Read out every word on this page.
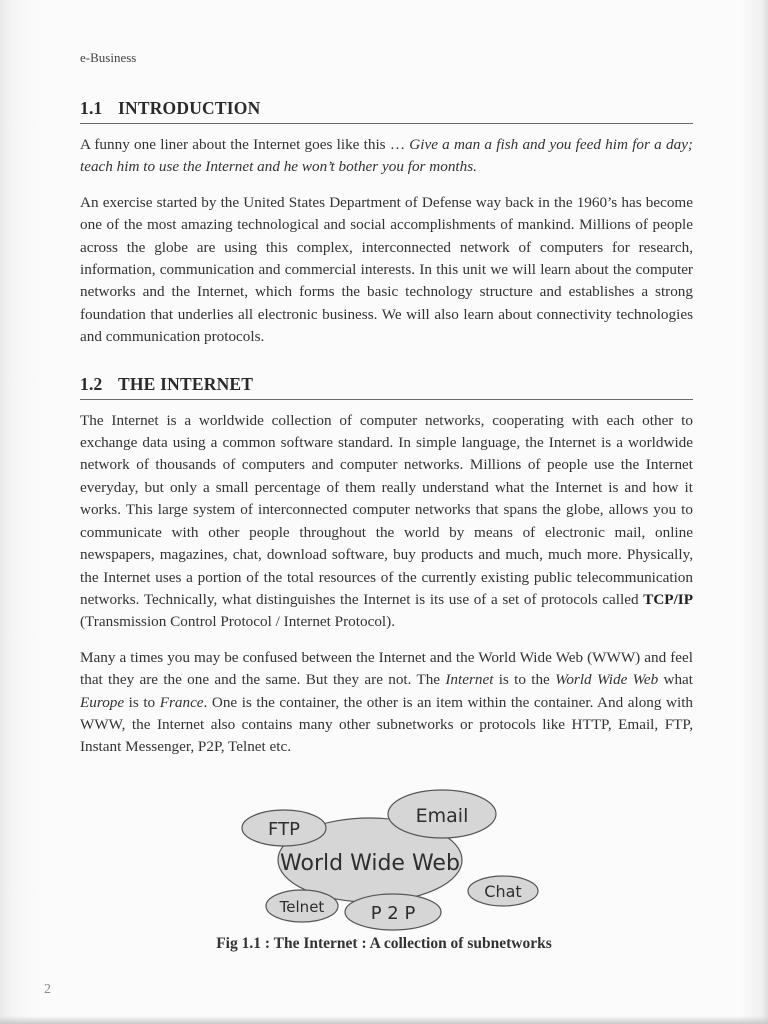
e-Business
1.1 INTRODUCTION

A funny one liner about the Internet goes like this … Give a man a fish and you feed him for a day; teach him to use the Internet and he won’t bother you for months.

An exercise started by the United States Department of Defense way back in the 1960’s has become one of the most amazing technological and social accomplishments of mankind. Millions of people across the globe are using this complex, interconnected network of computers for research, information, communication and commercial interests. In this unit we will learn about the computer networks and the Internet, which forms the basic technology structure and establishes a strong foundation that underlies all electronic business. We will also learn about connectivity technologies and communication protocols.

1.2 THE INTERNET

The Internet is a worldwide collection of computer networks, cooperating with each other to exchange data using a common software standard. In simple language, the Internet is a worldwide network of thousands of computers and computer networks. Millions of people use the Internet everyday, but only a small percentage of them really understand what the Internet is and how it works. This large system of interconnected computer networks that spans the globe, allows you to communicate with other people throughout the world by means of electronic mail, online newspapers, magazines, chat, download software, buy products and much, much more. Physically, the Internet uses a portion of the total resources of the currently existing public telecommunication networks. Technically, what distinguishes the Internet is its use of a set of protocols called TCP/IP (Transmission Control Protocol / Internet Protocol).

Many a times you may be confused between the Internet and the World Wide Web (WWW) and feel that they are the one and the same. But they are not. The Internet is to the World Wide Web what Europe is to France. One is the container, the other is an item within the container. And along with WWW, the Internet also contains many other subnetworks or protocols like HTTP, Email, FTP, Instant Messenger, P2P, Telnet etc.

FTP
Email
World Wide Web
Chat
Telnet	P 2 P
Fig 1.1 : The Internet : A collection of subnetworks
2
